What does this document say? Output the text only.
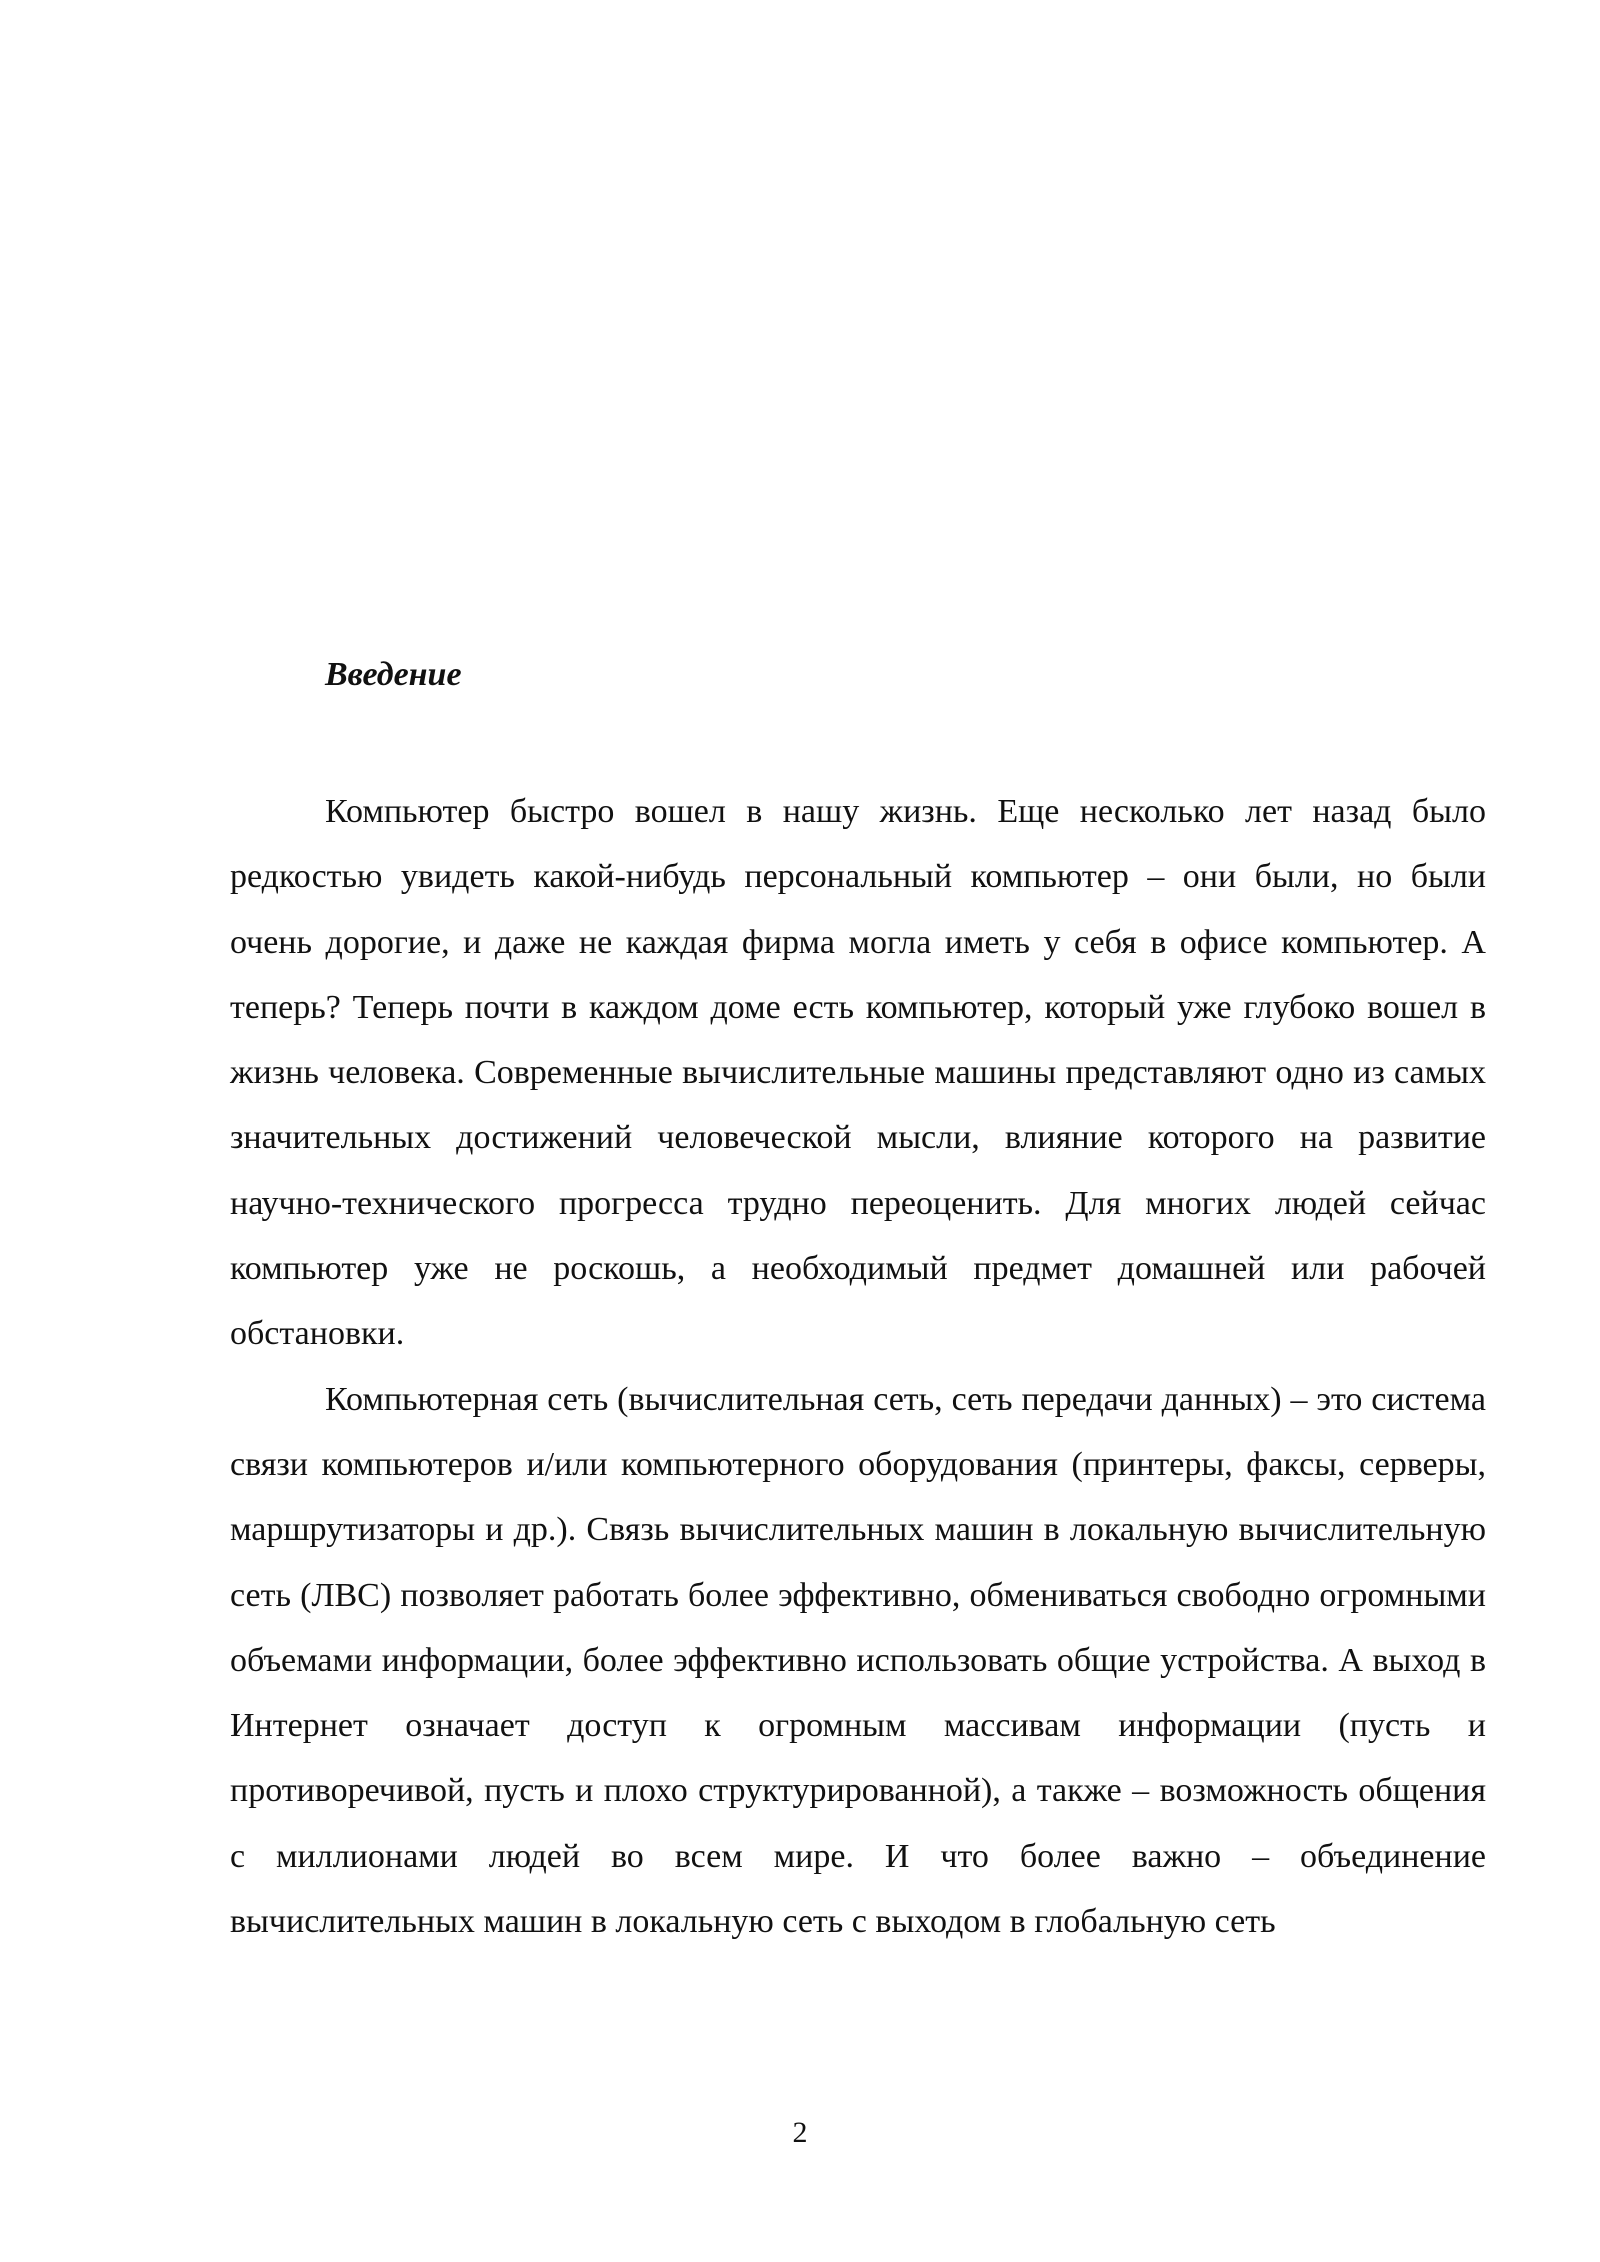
Введение

Компьютер быстро вошел в нашу жизнь. Еще несколько лет назад было редкостью увидеть какой-нибудь персональный компьютер – они были, но были очень дорогие, и даже не каждая фирма могла иметь у себя в офисе компьютер. А теперь? Теперь почти в каждом доме есть компьютер, который уже глубоко вошел в жизнь человека. Современные вычислительные машины представляют одно из самых значительных достижений человеческой мысли, влияние которого на развитие научно-технического прогресса трудно переоценить. Для многих людей сейчас компьютер уже не роскошь, а необходимый предмет домашней или рабочей обстановки.

Компьютерная сеть (вычислительная сеть, сеть передачи данных) – это система связи компьютеров и/или компьютерного оборудования (принтеры, факсы, серверы, маршрутизаторы и др.). Связь вычислительных машин в локальную вычислительную сеть (ЛВС) позволяет работать более эффективно, обмениваться свободно огромными объемами информации, более эффективно использовать общие устройства. А выход в Интернет означает доступ к огромным массивам информации (пусть и противоречивой, пусть и плохо структурированной), а также – возможность общения с миллионами людей во всем мире. И что более важно – объединение вычислительных машин в локальную сеть с выходом в глобальную сеть

2
